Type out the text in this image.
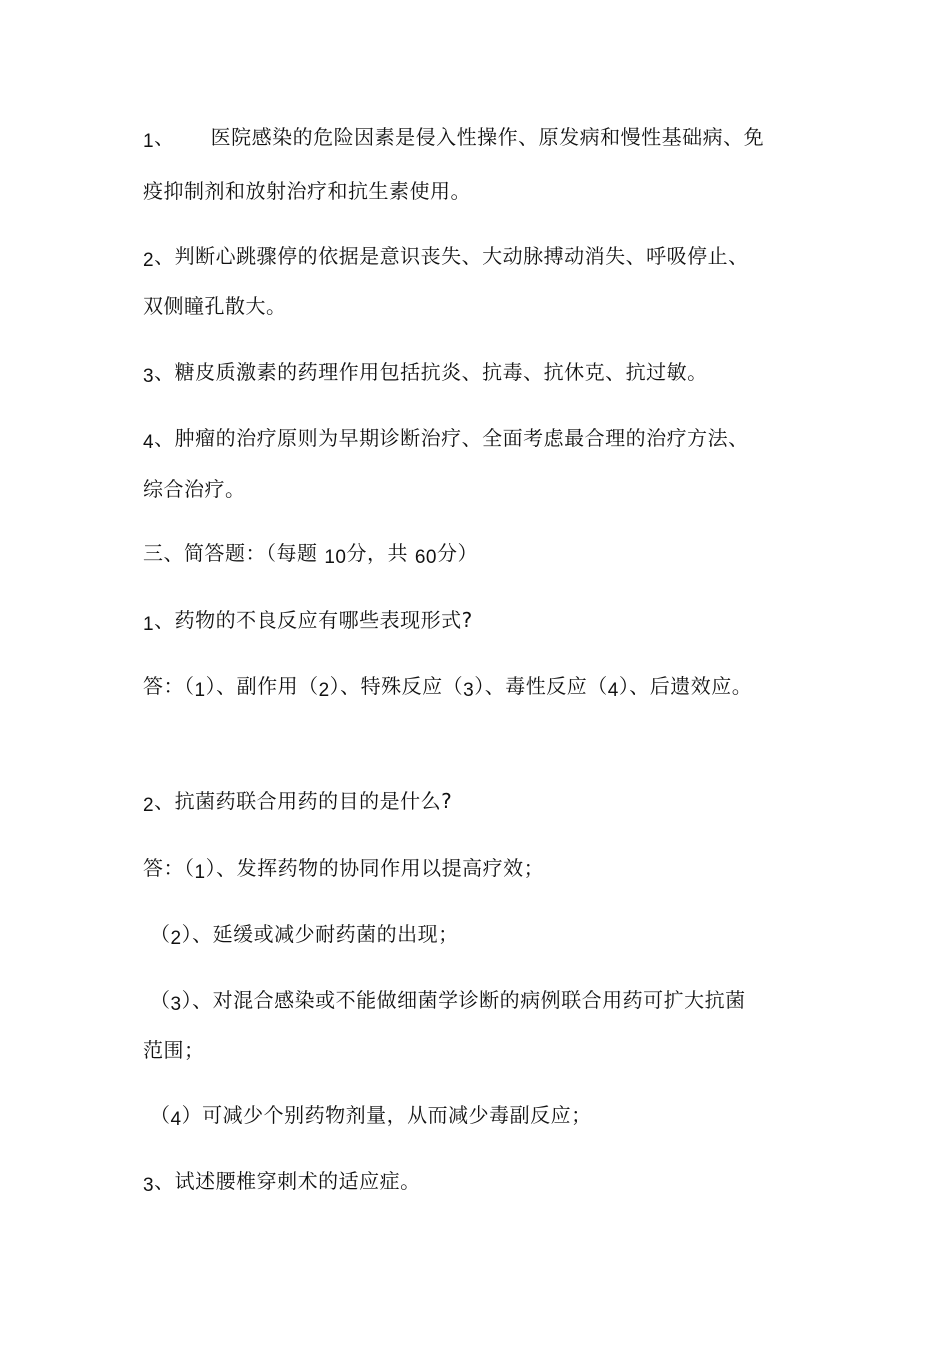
1、 医院感染的危险因素是侵入性操作、原发病和慢性基础病、免
疫抑制剂和放射治疗和抗生素使用。
2、判断心跳骤停的依据是意识丧失、大动脉搏动消失、呼吸停止、
双侧瞳孔散大。
3、糖皮质激素的药理作用包括抗炎、抗毒、抗休克、抗过敏。
4、肿瘤的治疗原则为早期诊断治疗、全面考虑最合理的治疗方法、
综合治疗。
三、简答题：（每题 10分，共 60分）
1、药物的不良反应有哪些表现形式?
答：（1）、副作用（2）、特殊反应（3）、毒性反应（4）、后遗效应。
2、抗菌药联合用药的目的是什么?
答：（1）、发挥药物的协同作用以提高疗效；
（2）、延缓或减少耐药菌的出现；
（3）、对混合感染或不能做细菌学诊断的病例联合用药可扩大抗菌
范围；
（4）可减少个别药物剂量，从而减少毒副反应；
3、试述腰椎穿刺术的适应症。
